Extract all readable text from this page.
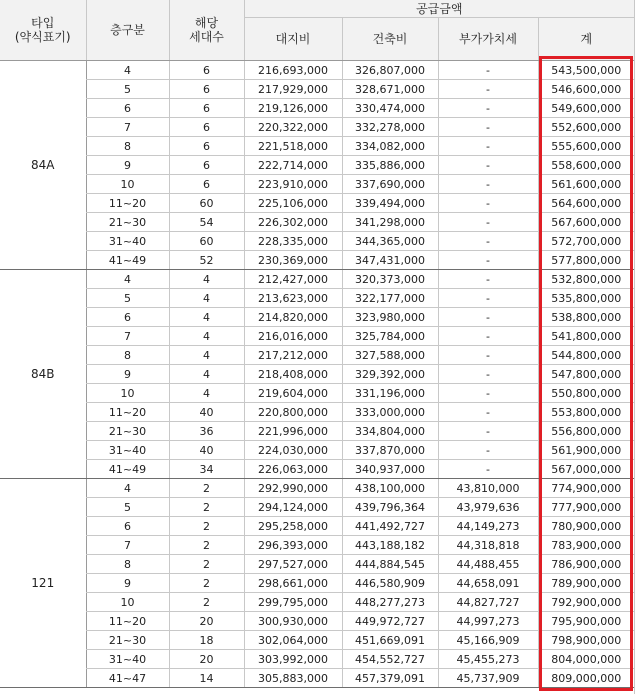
타입
(약식표기)	층구분	해당
세대수	공급금액			
			대지비	건축비	부가가치세	계
84A	4	6	216,693,000	326,807,000	-	543,500,000
	5	6	217,929,000	328,671,000	-	546,600,000
	6	6	219,126,000	330,474,000	-	549,600,000
	7	6	220,322,000	332,278,000	-	552,600,000
	8	6	221,518,000	334,082,000	-	555,600,000
	9	6	222,714,000	335,886,000	-	558,600,000
	10	6	223,910,000	337,690,000	-	561,600,000
	11~20	60	225,106,000	339,494,000	-	564,600,000
	21~30	54	226,302,000	341,298,000	-	567,600,000
	31~40	60	228,335,000	344,365,000	-	572,700,000
	41~49	52	230,369,000	347,431,000	-	577,800,000
84B	4	4	212,427,000	320,373,000	-	532,800,000
	5	4	213,623,000	322,177,000	-	535,800,000
	6	4	214,820,000	323,980,000	-	538,800,000
	7	4	216,016,000	325,784,000	-	541,800,000
	8	4	217,212,000	327,588,000	-	544,800,000
	9	4	218,408,000	329,392,000	-	547,800,000
	10	4	219,604,000	331,196,000	-	550,800,000
	11~20	40	220,800,000	333,000,000	-	553,800,000
	21~30	36	221,996,000	334,804,000	-	556,800,000
	31~40	40	224,030,000	337,870,000	-	561,900,000
	41~49	34	226,063,000	340,937,000	-	567,000,000
121	4	2	292,990,000	438,100,000	43,810,000	774,900,000
	5	2	294,124,000	439,796,364	43,979,636	777,900,000
	6	2	295,258,000	441,492,727	44,149,273	780,900,000
	7	2	296,393,000	443,188,182	44,318,818	783,900,000
	8	2	297,527,000	444,884,545	44,488,455	786,900,000
	9	2	298,661,000	446,580,909	44,658,091	789,900,000
	10	2	299,795,000	448,277,273	44,827,727	792,900,000
	11~20	20	300,930,000	449,972,727	44,997,273	795,900,000
	21~30	18	302,064,000	451,669,091	45,166,909	798,900,000
	31~40	20	303,992,000	454,552,727	45,455,273	804,000,000
	41~47	14	305,883,000	457,379,091	45,737,909	809,000,000
